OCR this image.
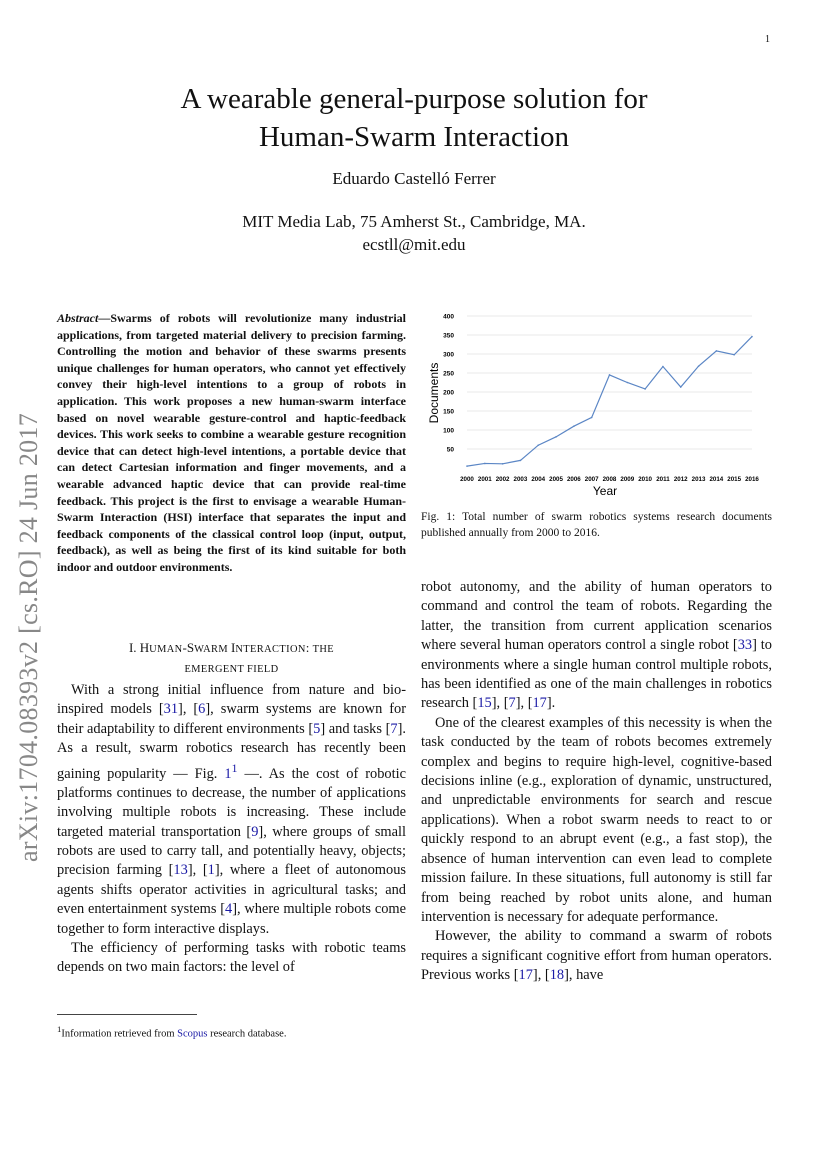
1
arXiv:1704.08393v2 [cs.RO] 24 Jun 2017
A wearable general-purpose solution for
Human-Swarm Interaction
Eduardo Castelló Ferrer
MIT Media Lab, 75 Amherst St., Cambridge, MA.
ecstll@mit.edu
Abstract—Swarms of robots will revolutionize many industrial applications, from targeted material delivery to precision farming. Controlling the motion and behavior of these swarms presents unique challenges for human operators, who cannot yet effectively convey their high-level intentions to a group of robots in application. This work proposes a new human-swarm interface based on novel wearable gesture-control and haptic-feedback devices. This work seeks to combine a wearable gesture recognition device that can detect high-level intentions, a portable device that can detect Cartesian information and finger movements, and a wearable advanced haptic device that can provide real-time feedback. This project is the first to envisage a wearable Human-Swarm Interaction (HSI) interface that separates the input and feedback components of the classical control loop (input, output, feedback), as well as being the first of its kind suitable for both indoor and outdoor environments.
I. HUMAN-SWARM INTERACTION: THE
EMERGENT FIELD

With a strong initial influence from nature and bio-inspired models [31], [6], swarm systems are known for their adaptability to different environments [5] and tasks [7]. As a result, swarm robotics research has recently been gaining popularity — Fig. 1$^1$ —. As the cost of robotic platforms continues to decrease, the number of applications involving multiple robots is increasing. These include targeted material transportation [9], where groups of small robots are used to carry tall, and potentially heavy, objects; precision farming [13], [1], where a fleet of autonomous agents shifts operator activities in agricultural tasks; and even entertainment systems [4], where multiple robots come together to form interactive displays.

The efficiency of performing tasks with robotic teams depends on two main factors: the level of

$^1$Information retrieved from Scopus research database.
50
100
150
200
250
300
350
400
2000 2001 2002 2003 2004 2005 2006 2007 2008 2009 2010 2011 2012 2013 2014 2015 2016
Documents
Year
Fig. 1: Total number of swarm robotics systems research documents published annually from 2000 to 2016.

robot autonomy, and the ability of human operators to command and control the team of robots. Regarding the latter, the transition from current application scenarios where several human operators control a single robot [33] to environments where a single human control multiple robots, has been identified as one of the main challenges in robotics research [15], [7], [17].

One of the clearest examples of this necessity is when the task conducted by the team of robots becomes extremely complex and begins to require high-level, cognitive-based decisions inline (e.g., exploration of dynamic, unstructured, and unpredictable environments for search and rescue applications). When a robot swarm needs to react to or quickly respond to an abrupt event (e.g., a fast stop), the absence of human intervention can even lead to complete mission failure. In these situations, full autonomy is still far from being reached by robot units alone, and human intervention is necessary for adequate performance.

However, the ability to command a swarm of robots requires a significant cognitive effort from human operators. Previous works [17], [18], have
